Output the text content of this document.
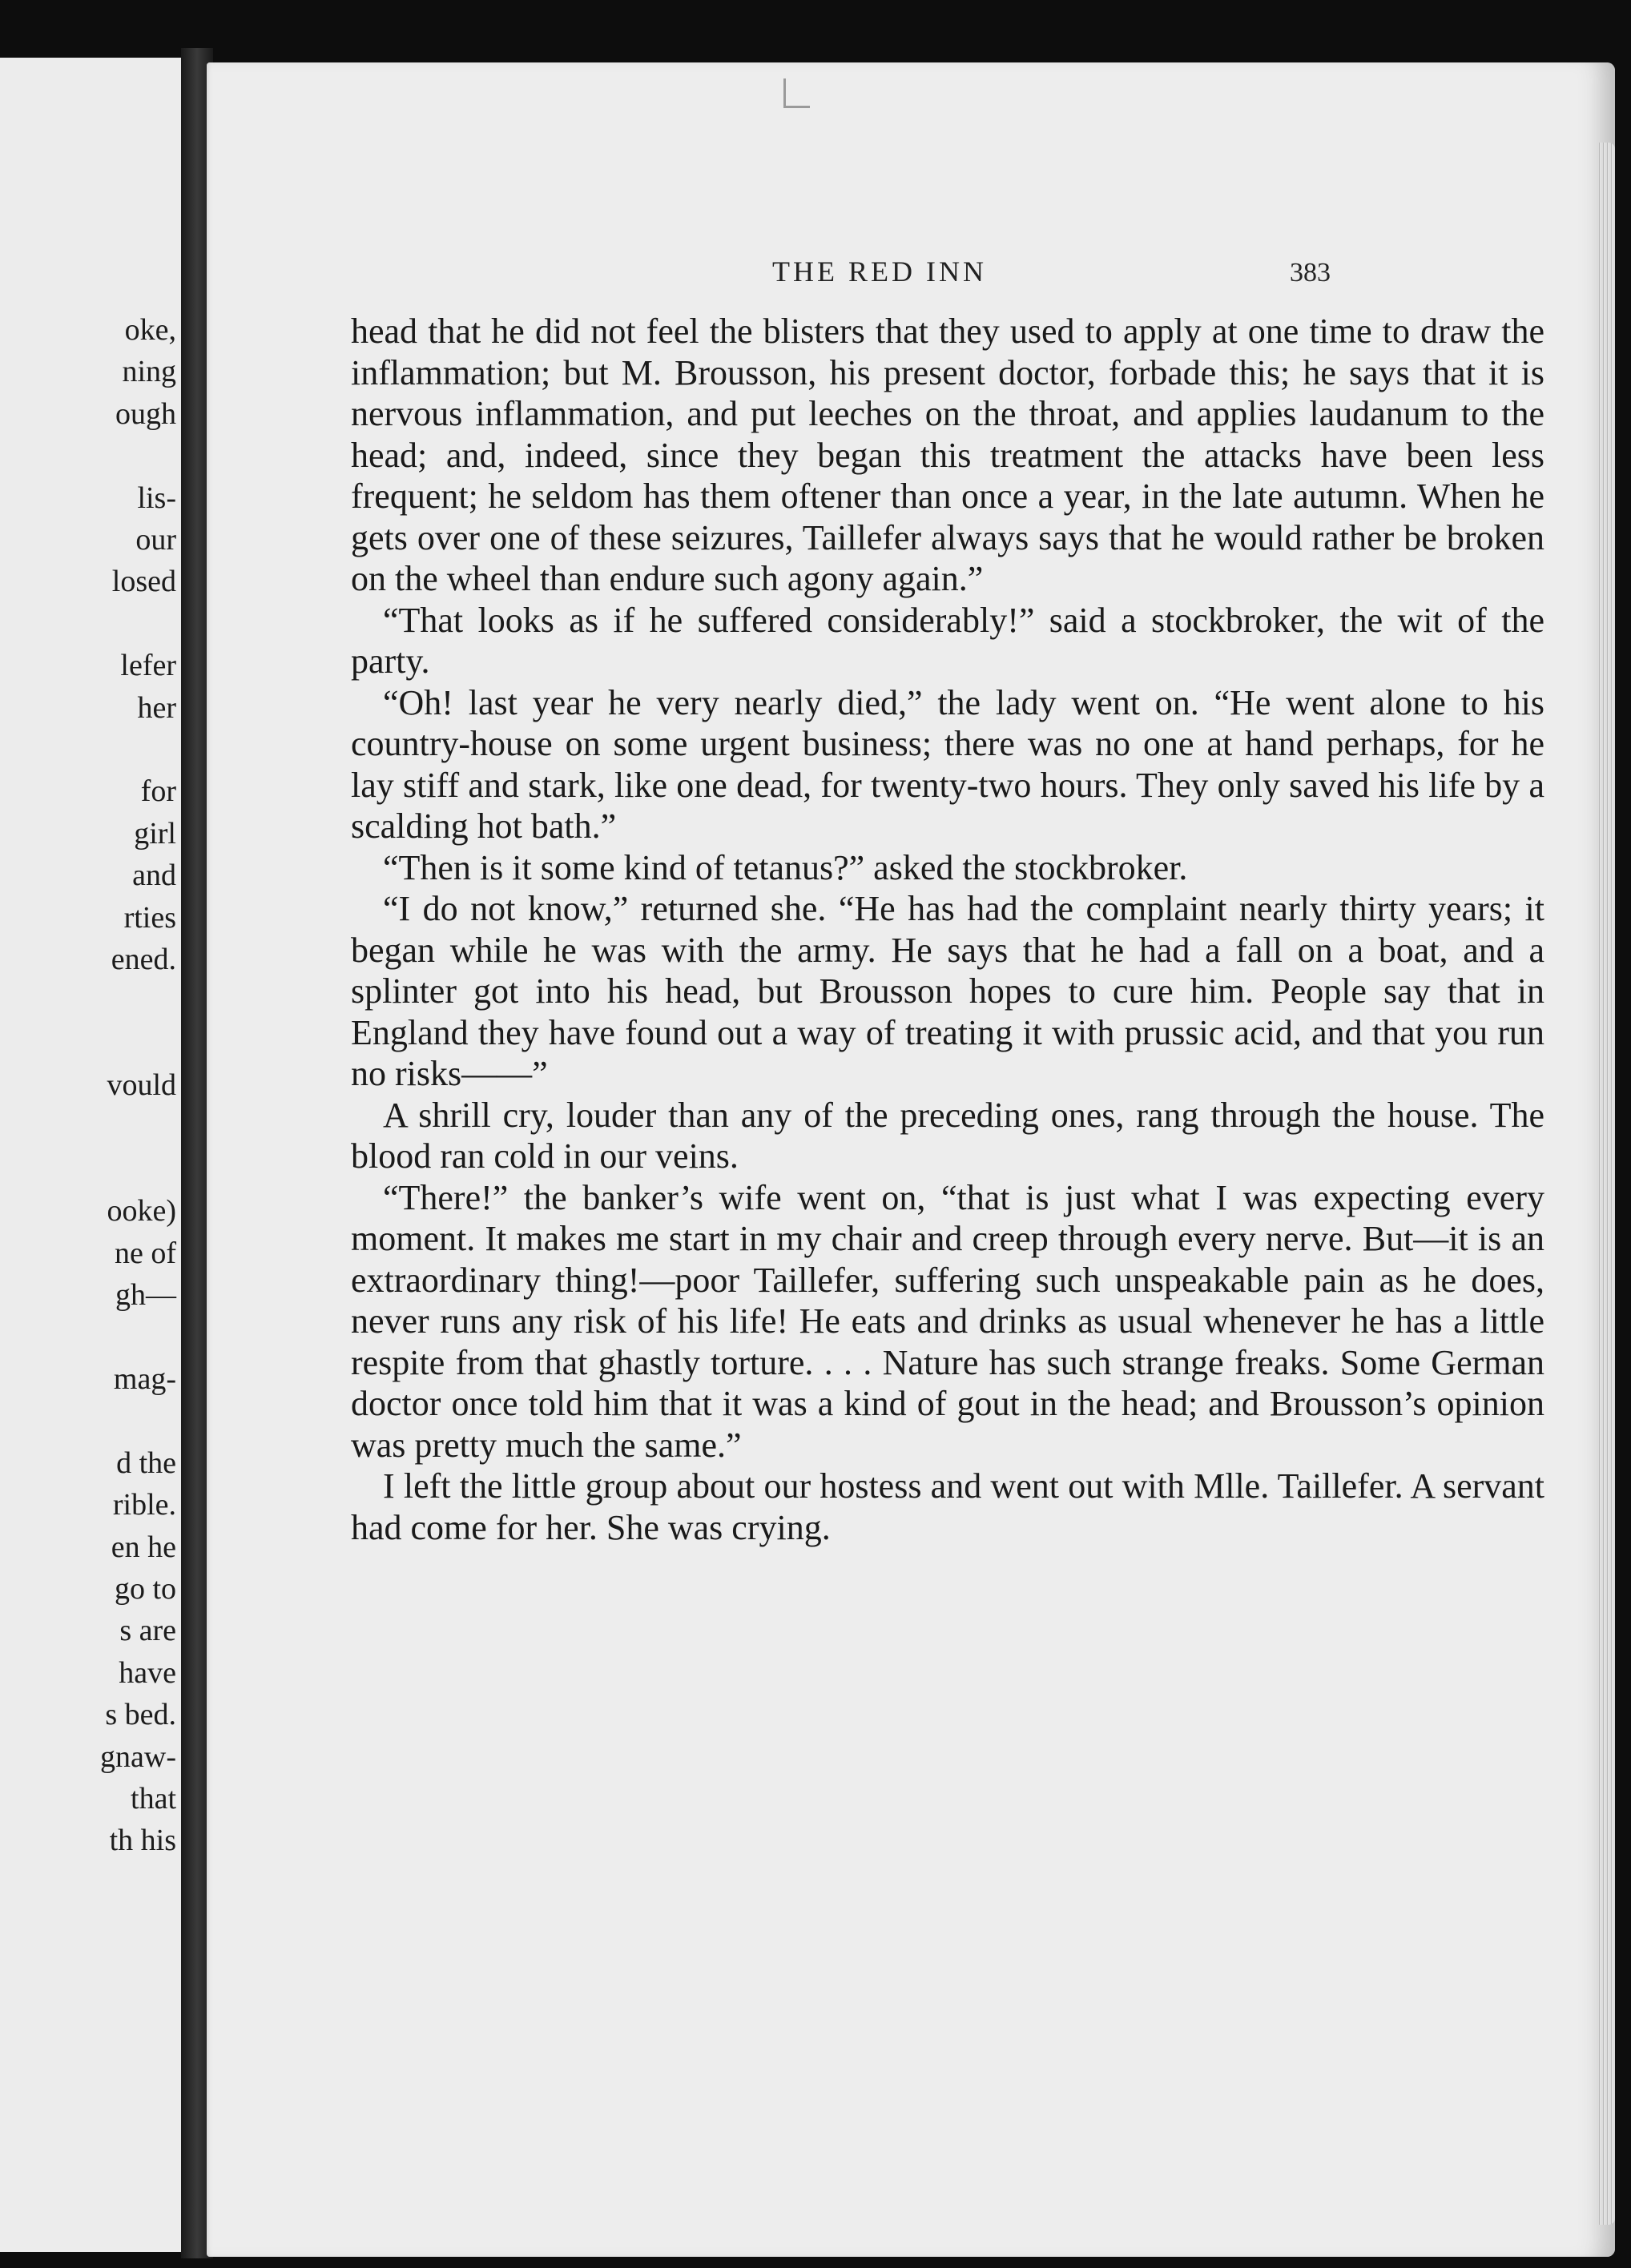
oke,
ning
ough
lis-
our
losed
lefer
her
for
girl
and
rties
ened.
vould
ooke)
ne of
gh—
mag-
d the
rible.
en he
go to
s are
have
s bed.
gnaw-
that
th his
THE RED INN	383

head that he did not feel the blisters that they used to apply at one time to draw the inflammation; but M. Brousson, his present doctor, forbade this; he says that it is nervous inflammation, and put leeches on the throat, and applies laudanum to the head; and, indeed, since they began this treatment the attacks have been less frequent; he seldom has them oftener than once a year, in the late autumn. When he gets over one of these seizures, Taillefer always says that he would rather be broken on the wheel than endure such agony again.”

“That looks as if he suffered considerably!” said a stockbroker, the wit of the party.

“Oh! last year he very nearly died,” the lady went on. “He went alone to his country-house on some urgent business; there was no one at hand perhaps, for he lay stiff and stark, like one dead, for twenty-two hours. They only saved his life by a scalding hot bath.”

“Then is it some kind of tetanus?” asked the stockbroker.

“I do not know,” returned she. “He has had the complaint nearly thirty years; it began while he was with the army. He says that he had a fall on a boat, and a splinter got into his head, but Brousson hopes to cure him. People say that in England they have found out a way of treating it with prussic acid, and that you run no risks——”

A shrill cry, louder than any of the preceding ones, rang through the house. The blood ran cold in our veins.

“There!” the banker’s wife went on, “that is just what I was expecting every moment. It makes me start in my chair and creep through every nerve. But—it is an extraordinary thing!—poor Taillefer, suffering such unspeakable pain as he does, never runs any risk of his life! He eats and drinks as usual whenever he has a little respite from that ghastly torture. . . . Nature has such strange freaks. Some German doctor once told him that it was a kind of gout in the head; and Brousson’s opinion was pretty much the same.”

I left the little group about our hostess and went out with Mlle. Taillefer. A servant had come for her. She was crying.
